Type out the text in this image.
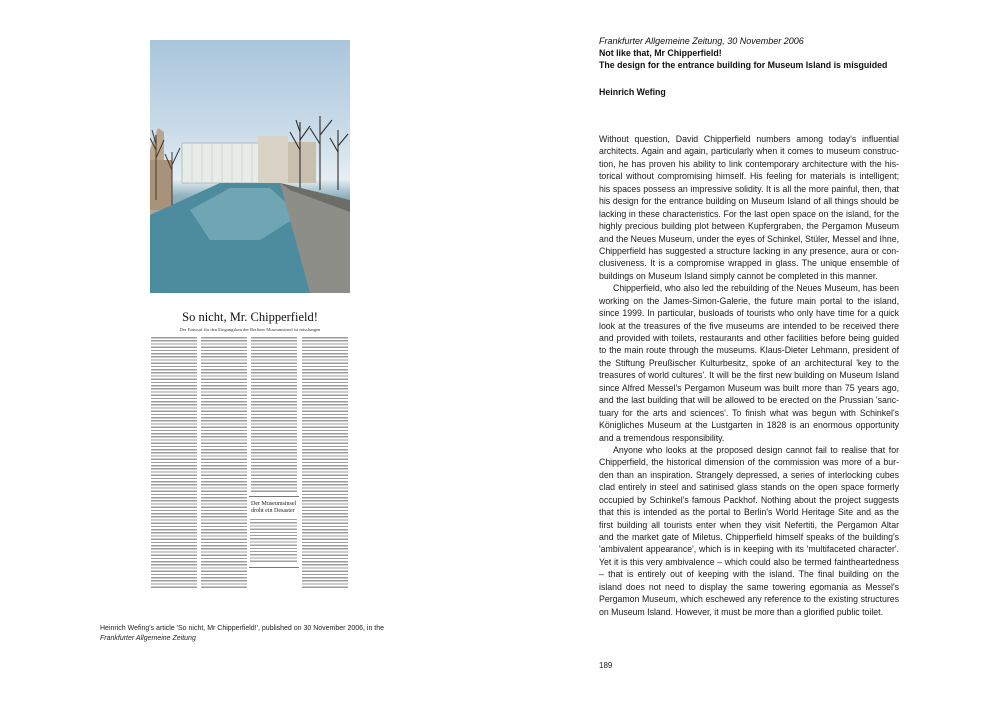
So nicht, Mr. Chipperfield!
Der Entwurf für den Eingangsbau der Berliner Museumsinsel ist misslungen
Der Museumsinsel droht ein Desaster
Heinrich Wefing's article 'So nicht, Mr Chipperfield!', published on 30 November 2006, in the
Frankfurter Allgemeine Zeitung
Frankfurter Allgemeine Zeitung, 30 November 2006
Not like that, Mr Chipperfield!
The design for the entrance building for Museum Island is misguided
Heinrich Wefing
Without question, David Chipperfield numbers among today's influential
architects. Again and again, particularly when it comes to museum construc-
tion, he has proven his ability to link contemporary architecture with the his-
torical without compromising himself. His feeling for materials is intelligent;
his spaces possess an impressive solidity. It is all the more painful, then, that
his design for the entrance building on Museum Island of all things should be
lacking in these characteristics. For the last open space on the island, for the
highly precious building plot between Kupfergraben, the Pergamon Museum
and the Neues Museum, under the eyes of Schinkel, Stüler, Messel and Ihne,
Chipperfield has suggested a structure lacking in any presence, aura or con-
clusiveness. It is a compromise wrapped in glass. The unique ensemble of
buildings on Museum Island simply cannot be completed in this manner.
Chipperfield, who also led the rebuilding of the Neues Museum, has been
working on the James-Simon-Galerie, the future main portal to the island,
since 1999. In particular, busloads of tourists who only have time for a quick
look at the treasures of the five museums are intended to be received there
and provided with toilets, restaurants and other facilities before being guided
to the main route through the museums. Klaus-Dieter Lehmann, president of
the Stiftung Preußischer Kulturbesitz, spoke of an architectural 'key to the
treasures of world cultures'. It will be the first new building on Museum Island
since Alfred Messel's Pergamon Museum was built more than 75 years ago,
and the last building that will be allowed to be erected on the Prussian 'sanc-
tuary for the arts and sciences'. To finish what was begun with Schinkel's
Königliches Museum at the Lustgarten in 1828 is an enormous opportunity
and a tremendous responsibility.
Anyone who looks at the proposed design cannot fail to realise that for
Chipperfield, the historical dimension of the commission was more of a bur-
den than an inspiration. Strangely depressed, a series of interlocking cubes
clad entirely in steel and satinised glass stands on the open space formerly
occupied by Schinkel's famous Packhof. Nothing about the project suggests
that this is intended as the portal to Berlin's World Heritage Site and as the
first building all tourists enter when they visit Nefertiti, the Pergamon Altar
and the market gate of Miletus. Chipperfield himself speaks of the building's
'ambivalent appearance', which is in keeping with its 'multifaceted character'.
Yet it is this very ambivalence – which could also be termed faintheartedness
– that is entirely out of keeping with the island. The final building on the
island does not need to display the same towering egomania as Messel's
Pergamon Museum, which eschewed any reference to the existing structures
on Museum Island. However, it must be more than a glorified public toilet.
189
